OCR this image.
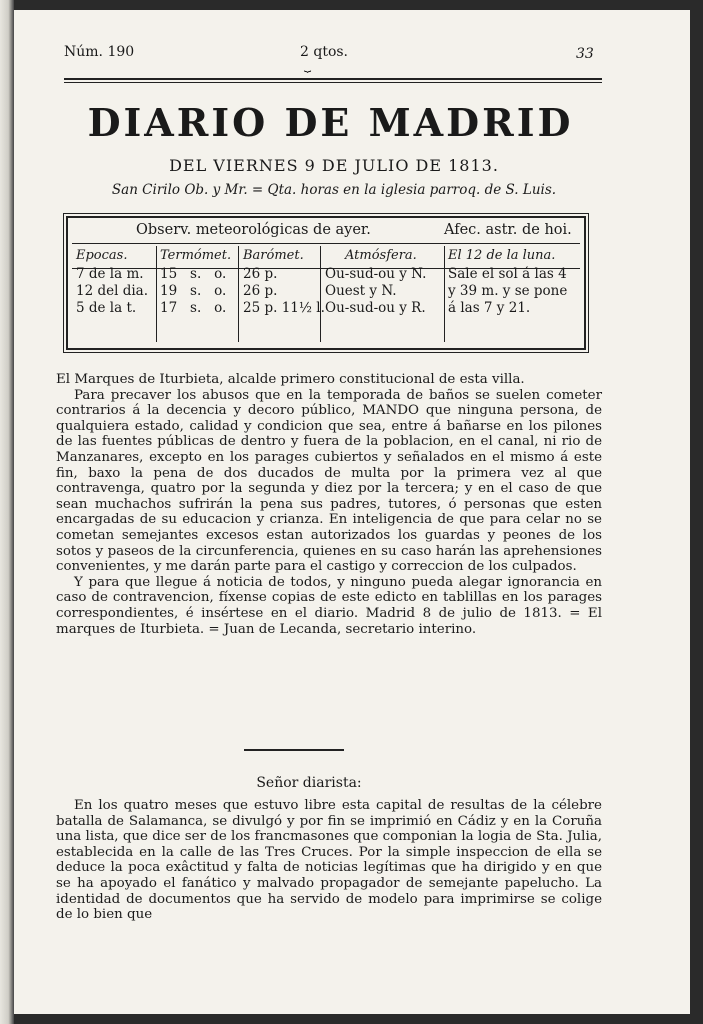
Núm. 190	2 qtos.
⏟
33
DIARIO DE MADRID
DEL VIERNES 9 DE JULIO DE 1813.
San Cirilo Ob. y Mr. = Qta. horas en la iglesia parroq. de S. Luis.
Observ. meteorológicas de ayer.	Afec. astr. de hoi.
Epocas.
7 de la m.
12 del dia.
5 de la t.
Termómet.
15   s.   o.
19   s.   o.
17   s.   o.
Barómet.
26 p.
26 p.
25 p. 11½ l.
Atmósfera.
Ou-sud-ou y N.
Ouest y N.
Ou-sud-ou y R.
El 12 de la luna.
Sale el sol á las 4
y 39 m. y se pone
á las 7 y 21.

El Marques de Iturbieta, alcalde primero constitucional de esta villa.

Para precaver los abusos que en la temporada de baños se suelen cometer contrarios á la decencia y decoro público, MANDO que ninguna persona, de qualquiera estado, calidad y condicion que sea, entre á bañarse en los pilones de las fuentes públicas de dentro y fuera de la poblacion, en el canal, ni rio de Manzanares, excepto en los parages cubiertos y señalados en el mismo á este fin, baxo la pena de dos ducados de multa por la primera vez al que contravenga, quatro por la segunda y diez por la tercera; y en el caso de que sean muchachos sufrirán la pena sus padres, tutores, ó personas que esten encargadas de su educacion y crianza. En inteligencia de que para celar no se cometan semejantes excesos estan autorizados los guardas y peones de los sotos y paseos de la circunferencia, quienes en su caso harán las aprehensiones convenientes, y me darán parte para el castigo y correccion de los culpados.

Y para que llegue á noticia de todos, y ninguno pueda alegar ignorancia en caso de contravencion, fíxense copias de este edicto en tablillas en los parages correspondientes, é insértese en el diario. Madrid 8 de julio de 1813. = El marques de Iturbieta. = Juan de Lecanda, secretario interino.

Señor diarista:

En los quatro meses que estuvo libre esta capital de resultas de la célebre batalla de Salamanca, se divulgó y por fin se imprimió en Cádiz y en la Coruña una lista, que dice ser de los francmasones que componian la logia de Sta. Julia, establecida en la calle de las Tres Cruces. Por la simple inspeccion de ella se deduce la poca exâctitud y falta de noticias legítimas que ha dirigido y en que se ha apoyado el fanático y malvado propagador de semejante papelucho. La identidad de documentos que ha servido de modelo para imprimirse se colige de lo bien que
